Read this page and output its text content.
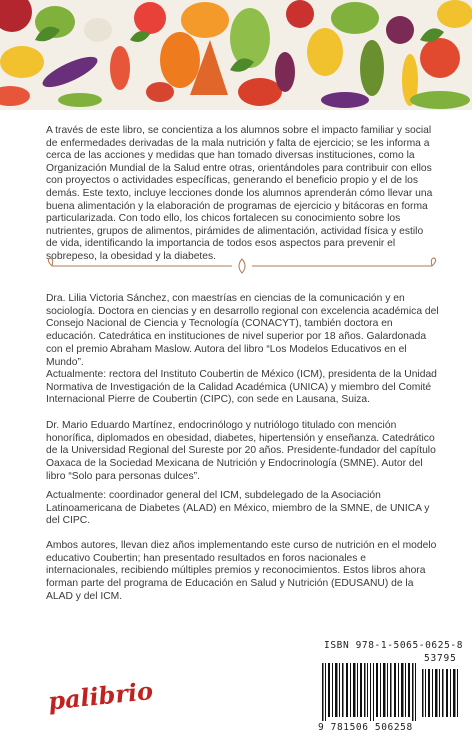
A través de este libro, se concientiza a los alumnos sobre el impacto familiar y social de enfermedades derivadas de la mala nutrición y falta de ejercicio; se les informa a cerca de las acciones y medidas que han tomado diversas instituciones, como la Organización Mundial de la Salud entre otras, orientándoles para contribuir con ellos con proyectos o actividades específicas, generando el beneficio propio y el de los demás. Este texto, incluye lecciones donde los alumnos aprenderán cómo llevar una buena alimentación y la elaboración de programas de ejercicio y bitácoras en forma particularizada. Con todo ello, los chicos fortalecen su conocimiento sobre los nutrientes, grupos de alimentos, pirámides de alimentación, actividad física y estilo de vida, identificando la importancia de todos esos aspectos para prevenir el sobrepeso, la obesidad y la diabetes.
Dra. Lilia Victoria Sánchez, con maestrías en ciencias de la comunicación y en sociología. Doctora en ciencias y en desarrollo regional con excelencia académica del Consejo Nacional de Ciencia y Tecnología (CONACYT), también doctora en educación. Catedrática en instituciones de nivel superior por 18 años. Galardonada con el premio Abraham Maslow. Autora del libro “Los Modelos Educativos en el Mundo”.
Actualmente: rectora del Instituto Coubertin de México (ICM), presidenta de la Unidad Normativa de Investigación de la Calidad Académica (UNICA) y miembro del Comité Internacional Pierre de Coubertin (CIPC), con sede en Lausana, Suiza.
Dr. Mario Eduardo Martínez, endocrinólogo y nutriólogo titulado con mención honorífica, diplomados en obesidad, diabetes, hipertensión y enseñanza. Catedrático de la Universidad Regional del Sureste por 20 años. Presidente-fundador del capítulo Oaxaca de la Sociedad Mexicana de Nutrición y Endocrinología (SMNE). Autor del libro “Solo para personas dulces”.
Actualmente: coordinador general del ICM, subdelegado de la Asociación Latinoamericana de Diabetes (ALAD) en México, miembro de la SMNE, de UNICA y del CIPC.
Ambos autores, llevan diez años implementando este curso de nutrición en el modelo educativo Coubertin; han presentado resultados en foros nacionales e internacionales, recibiendo múltiples premios y reconocimientos. Estos libros ahora forman parte del programa de Educación en Salud y Nutrición (EDUSANU) de la ALAD y del ICM.
palibrio
ISBN 978-1-5065-0625-8
53795
9 781506 506258
